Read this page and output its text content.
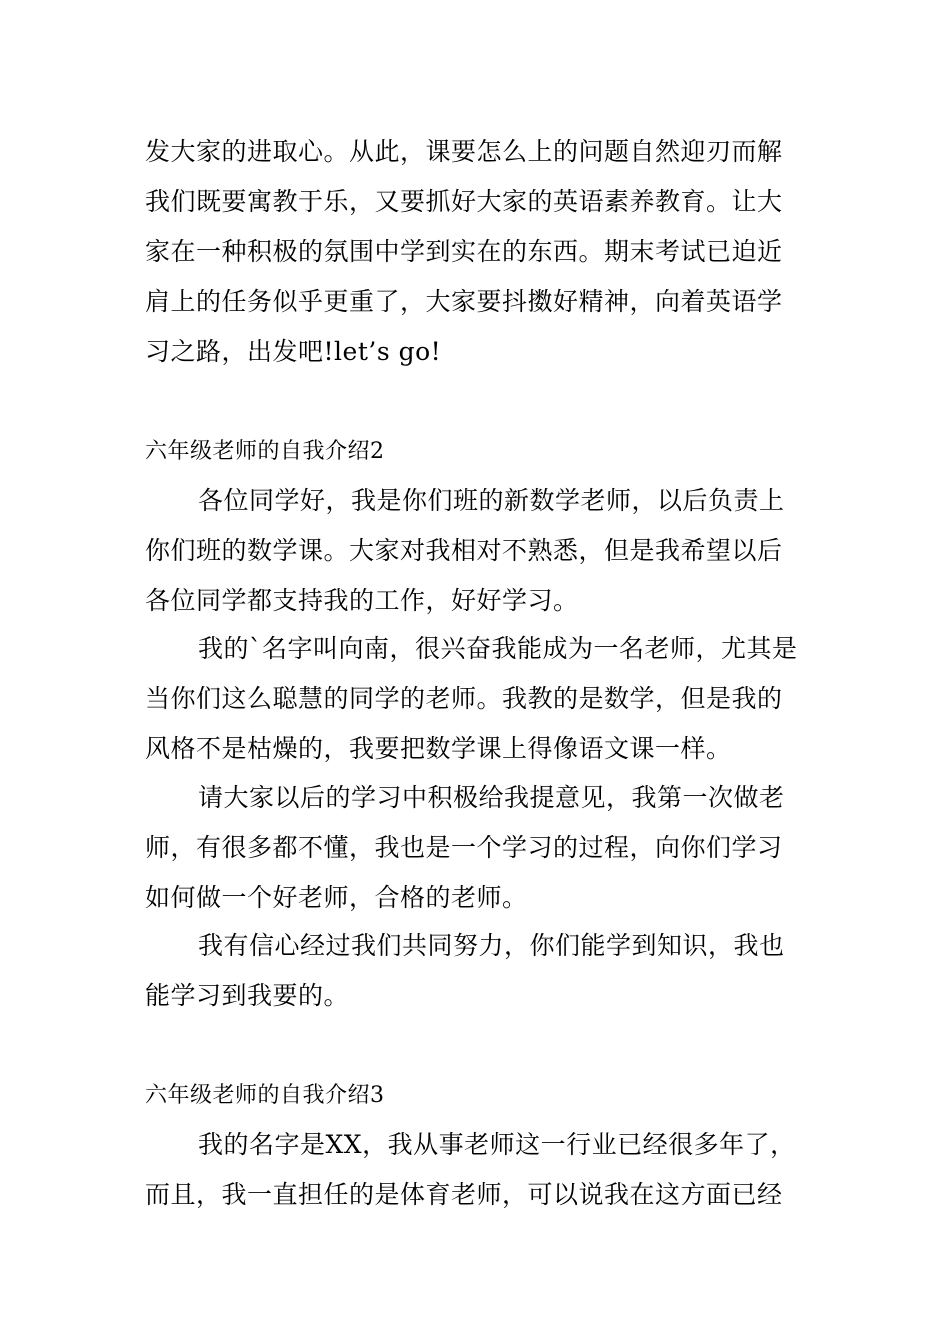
发大家的进取心。从此，课要怎么上的问题自然迎刃而解
我们既要寓教于乐，又要抓好大家的英语素养教育。让大
家在一种积极的氛围中学到实在的东西。期末考试已迫近
肩上的任务似乎更重了，大家要抖擞好精神，向着英语学
习之路，出发吧!let’s go!
六年级老师的自我介绍2
各位同学好，我是你们班的新数学老师，以后负责上
你们班的数学课。大家对我相对不熟悉，但是我希望以后
各位同学都支持我的工作，好好学习。
我的`名字叫向南，很兴奋我能成为一名老师，尤其是
当你们这么聪慧的同学的老师。我教的是数学，但是我的
风格不是枯燥的，我要把数学课上得像语文课一样。
请大家以后的学习中积极给我提意见，我第一次做老
师，有很多都不懂，我也是一个学习的过程，向你们学习
如何做一个好老师，合格的老师。
我有信心经过我们共同努力，你们能学到知识，我也
能学习到我要的。
六年级老师的自我介绍3
我的名字是XX，我从事老师这一行业已经很多年了，
而且，我一直担任的是体育老师，可以说我在这方面已经
